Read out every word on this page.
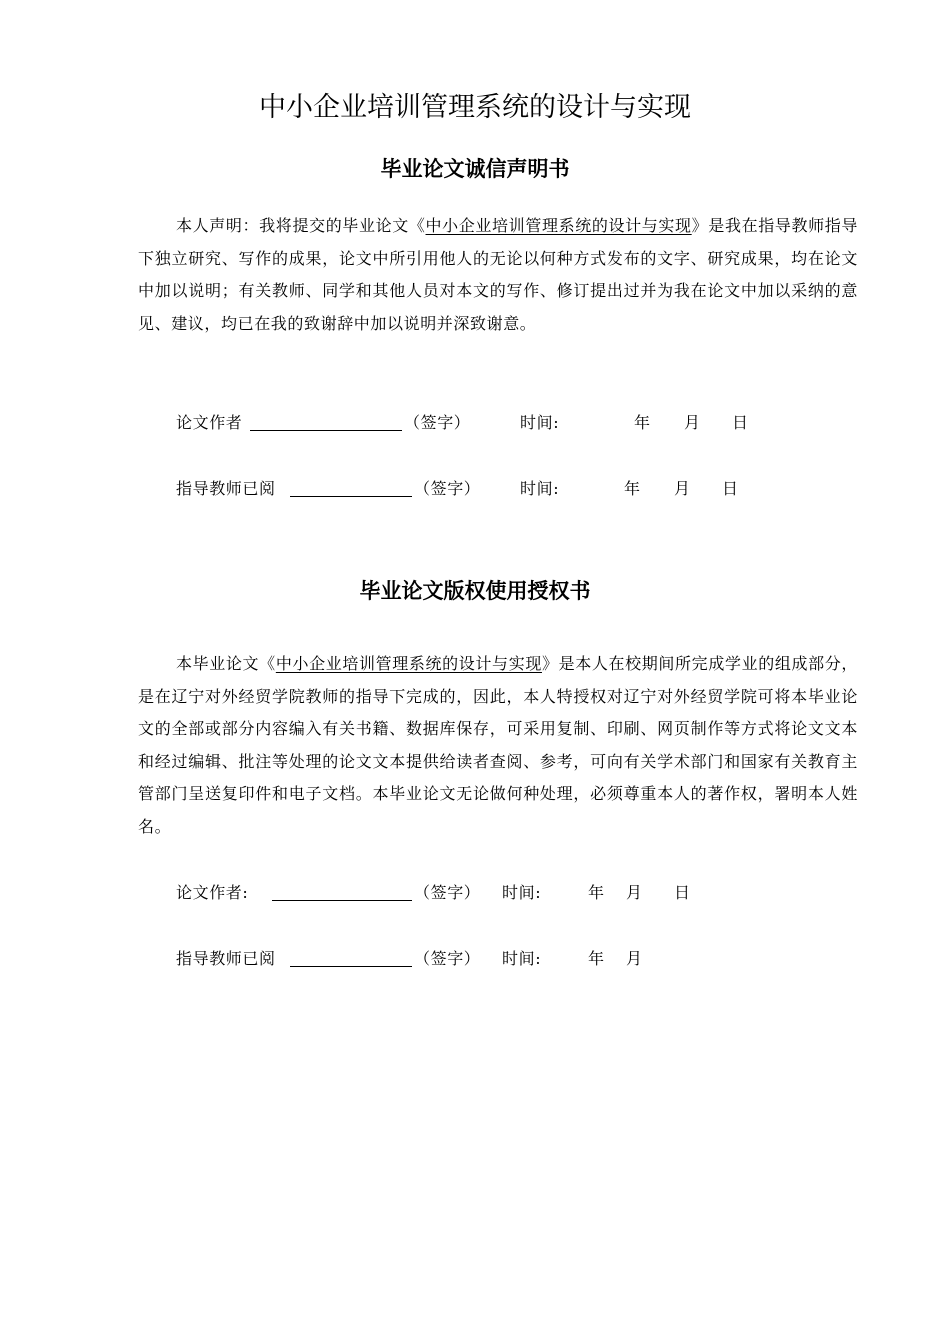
中小企业培训管理系统的设计与实现
毕业论文诚信声明书

本人声明：我将提交的毕业论文《中小企业培训管理系统的设计与实现》是我在指导教师指导下独立研究、写作的成果，论文中所引用他人的无论以何种方式发布的文字、研究成果，均在论文中加以说明；有关教师、同学和其他人员对本文的写作、修订提出过并为我在论文中加以采纳的意见、建议，均已在我的致谢辞中加以说明并深致谢意。

论文作者	（签字）	时间:	年 月 日
指导教师已阅	（签字） 时间:	年 月 日
毕业论文版权使用授权书

本毕业论文《中小企业培训管理系统的设计与实现》是本人在校期间所完成学业的组成部分，是在辽宁对外经贸学院教师的指导下完成的，因此，本人特授权对辽宁对外经贸学院可将本毕业论文的全部或部分内容编入有关书籍、数据库保存，可采用复制、印刷、网页制作等方式将论文文本和经过编辑、批注等处理的论文文本提供给读者查阅、参考，可向有关学术部门和国家有关教育主管部门呈送复印件和电子文档。本毕业论文无论做何种处理，必须尊重本人的著作权，署明本人姓名。

论文作者:	（签字） 时间:	年 月 日
指导教师已阅	（签字） 时间:	年 月
